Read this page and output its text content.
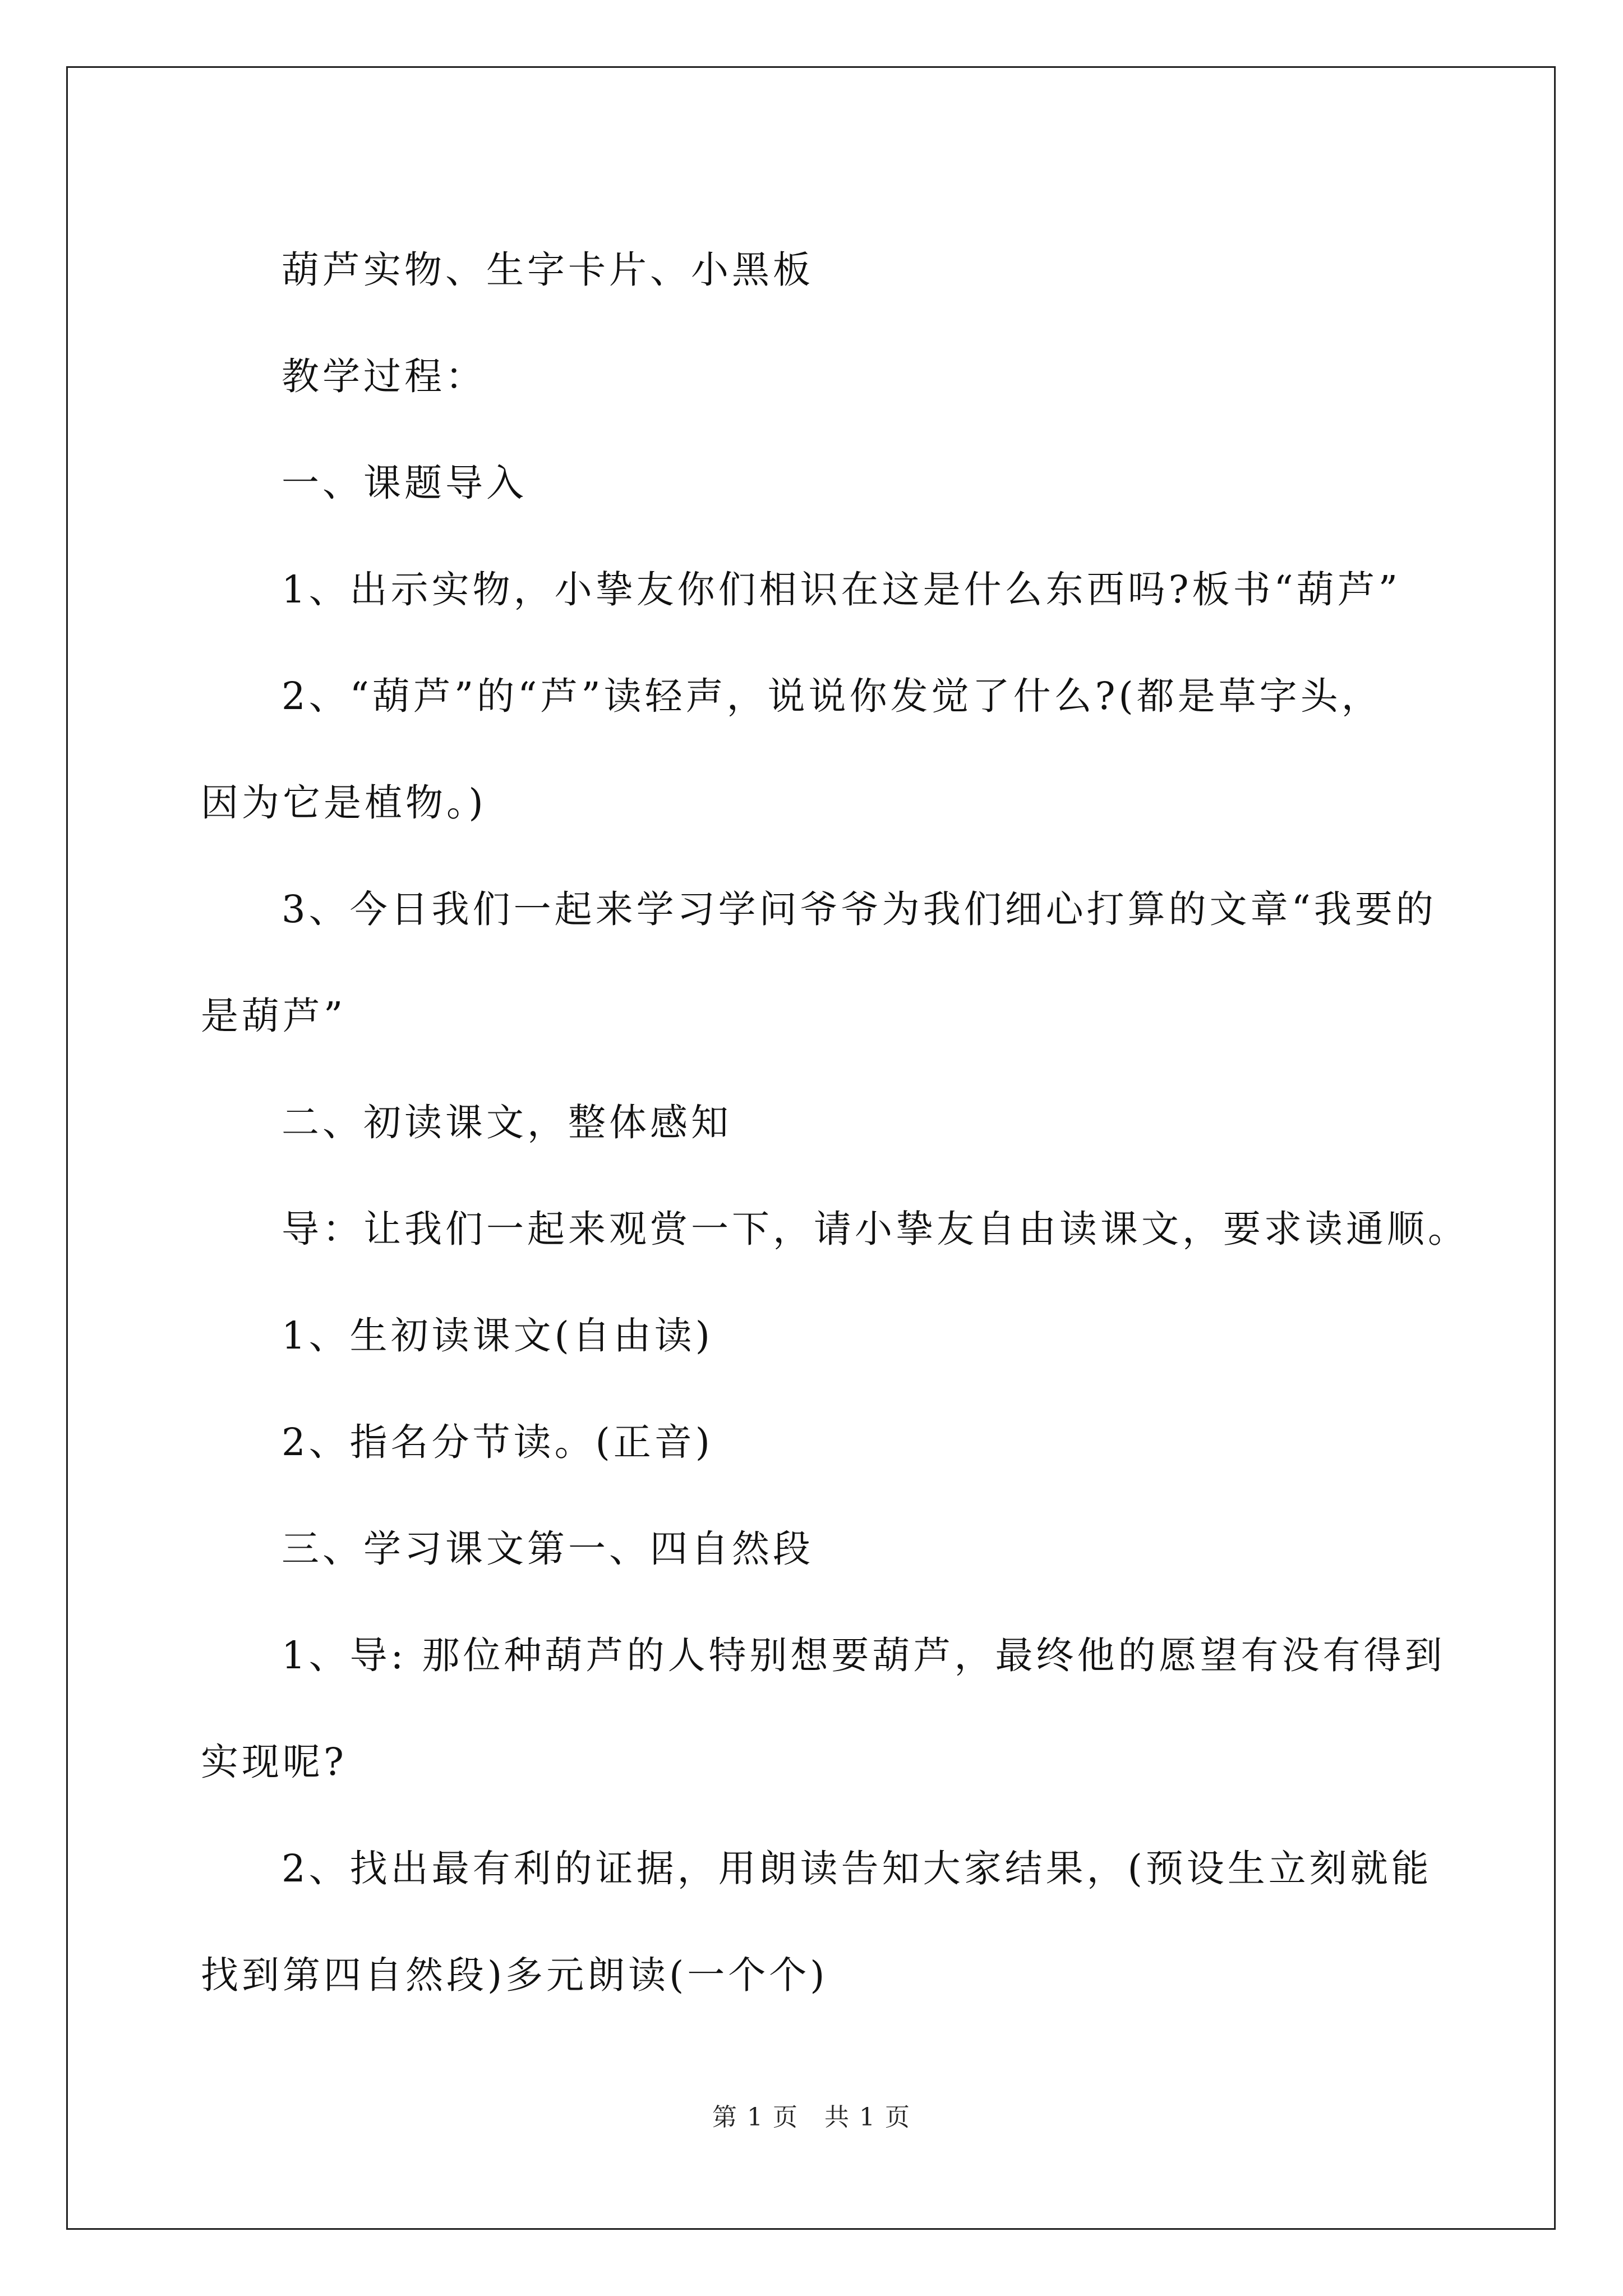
葫芦实物、生字卡片、小黑板

教学过程：

一、课题导入

1、出示实物，小挚友你们相识在这是什么东西吗?板书“葫芦”

2、“葫芦”的“芦”读轻声，说说你发觉了什么?(都是草字头，

因为它是植物。)

3、今日我们一起来学习学问爷爷为我们细心打算的文章“我要的

是葫芦”

二、初读课文，整体感知

导：让我们一起来观赏一下，请小挚友自由读课文，要求读通顺。

1、生初读课文(自由读)

2、指名分节读。(正音)

三、学习课文第一、四自然段

1、导: 那位种葫芦的人特别想要葫芦，最终他的愿望有没有得到

实现呢?

2、找出最有利的证据，用朗读告知大家结果，(预设生立刻就能

找到第四自然段)多元朗读(一个个)

第 1 页　共 1 页
